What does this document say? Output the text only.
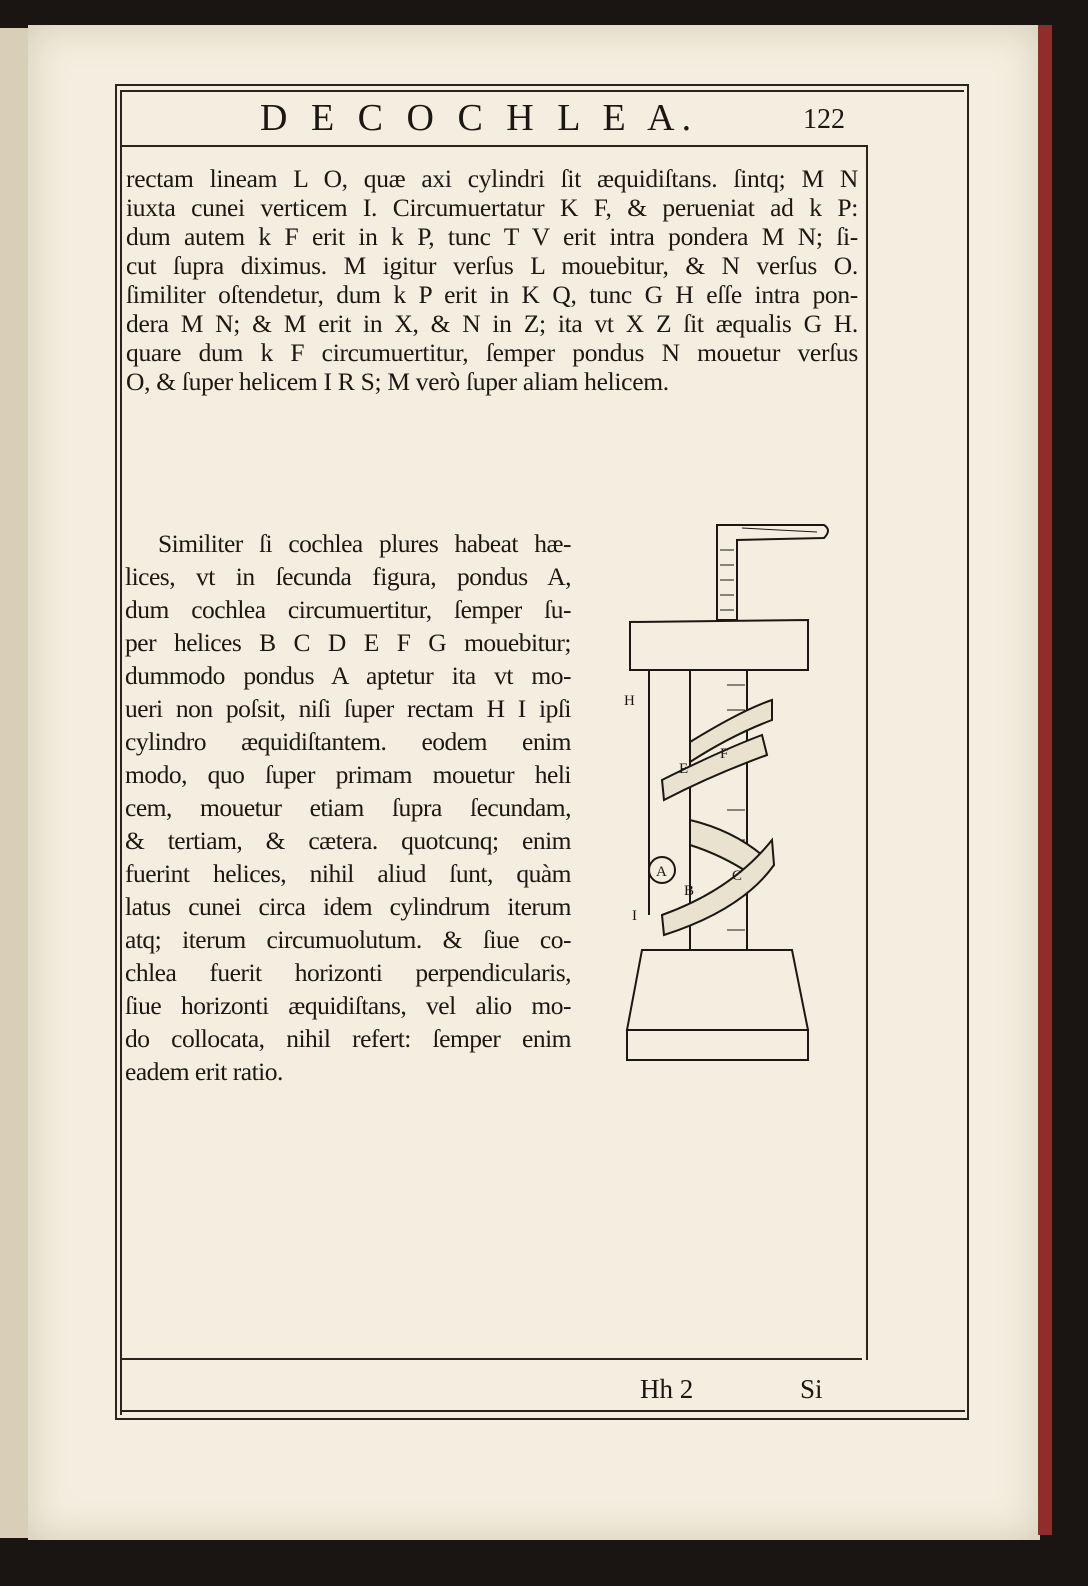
D E C O C H L E A.	122
rectam lineam L O, quæ axi cylindri ſit æquidiſtans. ſintq; M N
iuxta cunei verticem I. Circumuertatur K F, & perueniat ad k P:
dum autem k F erit in k P, tunc T V erit intra pondera M N; ſi-
cut ſupra diximus. M igitur verſus L mouebitur, & N verſus O.
ſimiliter oſtendetur, dum k P erit in K Q, tunc G H eſſe intra pon-
dera M N; & M erit in X, & N in Z; ita vt X Z ſit æqualis G H.
quare dum k F circumuertitur, ſemper pondus N mouetur verſus
O, & ſuper helicem I R S; M verò ſuper aliam helicem.
Similiter ſi cochlea plures habeat hæ-
lices, vt in ſecunda figura, pondus A,
dum cochlea circumuertitur, ſemper ſu-
per helices B C D E F G mouebitur;
dummodo pondus A aptetur ita vt mo-
ueri non poſsit, niſi ſuper rectam H I ipſi
cylindro æquidiſtantem. eodem enim
modo, quo ſuper primam mouetur heli
cem, mouetur etiam ſupra ſecundam,
& tertiam, & cætera. quotcunq; enim
fuerint helices, nihil aliud ſunt, quàm
latus cunei circa idem cylindrum iterum
atq; iterum circumuolutum. & ſiue co-
chlea fuerit horizonti perpendicularis,
ſiue horizonti æquidiſtans, vel alio mo-
do collocata, nihil refert: ſemper enim
eadem erit ratio.
H
E
F
A
B
C
I
Hh 2	Si
